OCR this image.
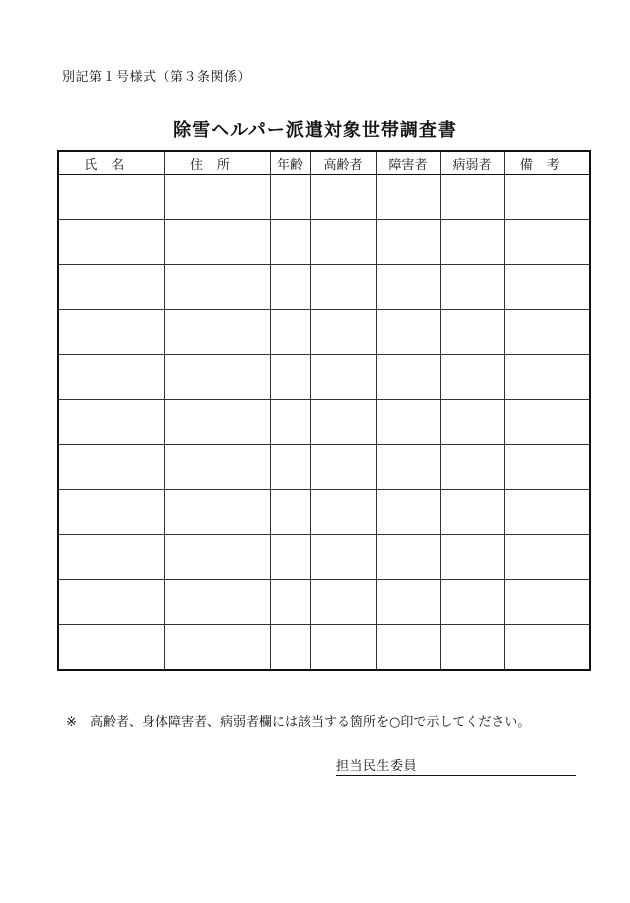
別記第１号様式（第３条関係）
除雪ヘルパー派遣対象世帯調査書
氏名	住所	年齢	高齢者	障害者	病弱者	備考

※ 高齢者、身体障害者、病弱者欄には該当する箇所を○印で示してください。
担当民生委員
